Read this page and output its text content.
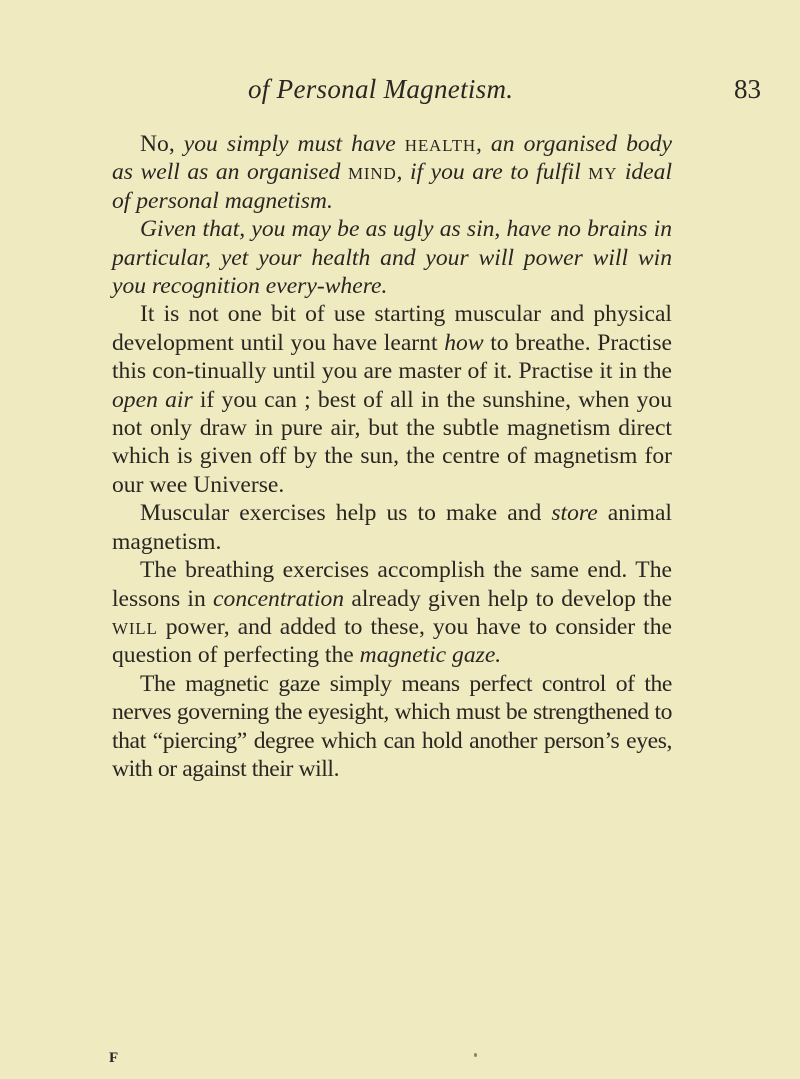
of Personal Magnetism.	83

No, you simply must have health, an organised body as well as an organised mind, if you are to fulfil my ideal of personal magnetism.

Given that, you may be as ugly as sin, have no brains in particular, yet your health and your will power will win you recognition every-where.

It is not one bit of use starting muscular and physical development until you have learnt how to breathe. Practise this con-tinually until you are master of it. Practise it in the open air if you can ; best of all in the sunshine, when you not only draw in pure air, but the subtle magnetism direct which is given off by the sun, the centre of magnetism for our wee Universe.

Muscular exercises help us to make and store animal magnetism.

The breathing exercises accomplish the same end. The lessons in concentration already given help to develop the will power, and added to these, you have to consider the question of perfecting the magnetic gaze.

The magnetic gaze simply means perfect control of the nerves governing the eyesight, which must be strengthened to that “piercing” degree which can hold another person’s eyes, with or against their will.

F
